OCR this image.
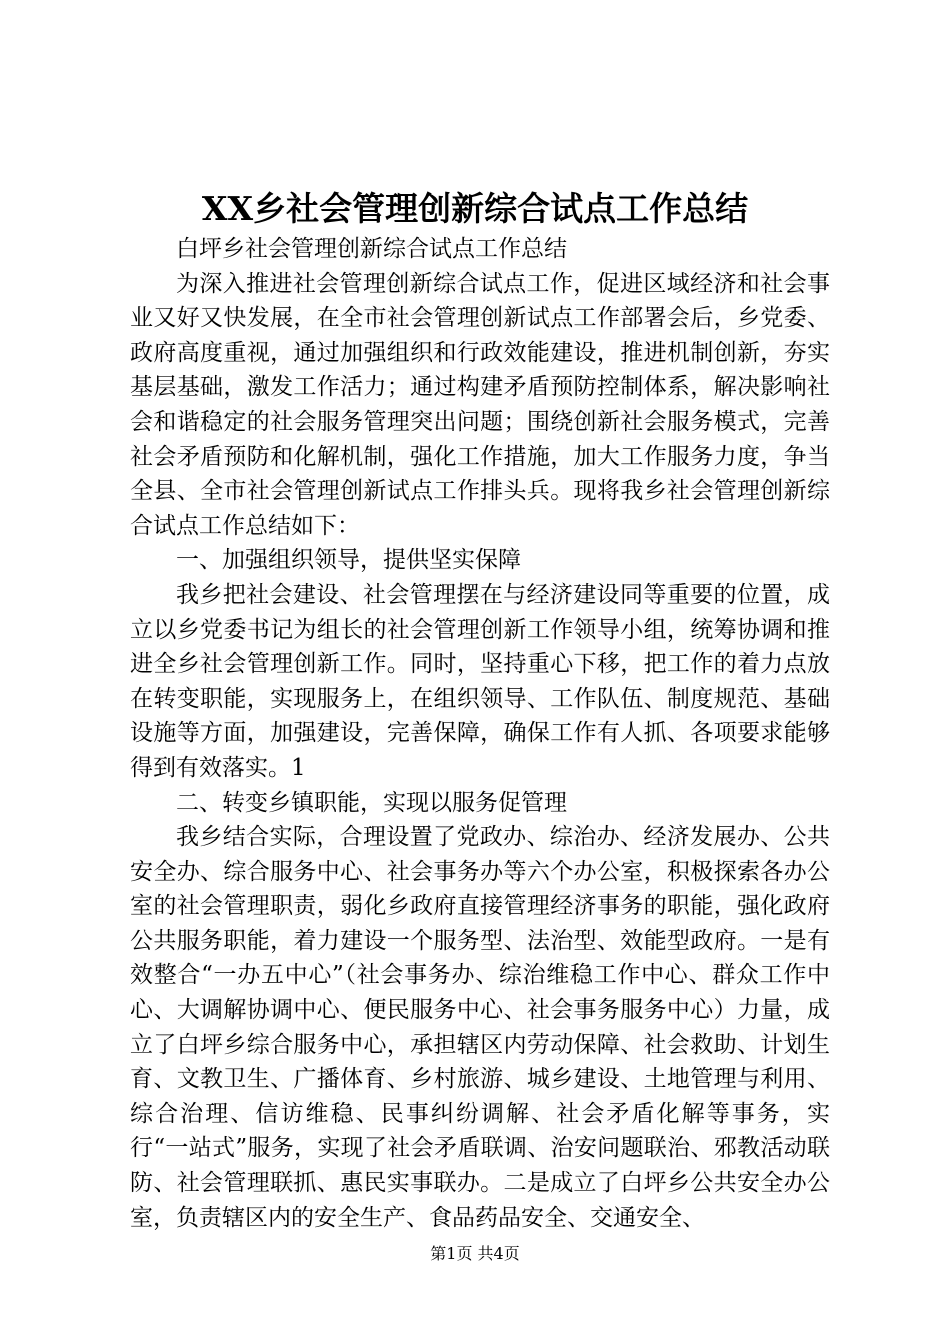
XX乡社会管理创新综合试点工作总结

白坪乡社会管理创新综合试点工作总结

为深入推进社会管理创新综合试点工作，促进区域经济和社会事业又好又快发展，在全市社会管理创新试点工作部署会后，乡党委、政府高度重视，通过加强组织和行政效能建设，推进机制创新，夯实基层基础，激发工作活力；通过构建矛盾预防控制体系，解决影响社会和谐稳定的社会服务管理突出问题；围绕创新社会服务模式，完善社会矛盾预防和化解机制，强化工作措施，加大工作服务力度，争当全县、全市社会管理创新试点工作排头兵。现将我乡社会管理创新综合试点工作总结如下：

一、加强组织领导，提供坚实保障

我乡把社会建设、社会管理摆在与经济建设同等重要的位置，成立以乡党委书记为组长的社会管理创新工作领导小组，统筹协调和推进全乡社会管理创新工作。同时，坚持重心下移，把工作的着力点放在转变职能，实现服务上，在组织领导、工作队伍、制度规范、基础设施等方面，加强建设，完善保障，确保工作有人抓、各项要求能够得到有效落实。1

二、转变乡镇职能，实现以服务促管理

我乡结合实际，合理设置了党政办、综治办、经济发展办、公共安全办、综合服务中心、社会事务办等六个办公室，积极探索各办公室的社会管理职责，弱化乡政府直接管理经济事务的职能，强化政府公共服务职能，着力建设一个服务型、法治型、效能型政府。一是有效整合“一办五中心”（社会事务办、综治维稳工作中心、群众工作中心、大调解协调中心、便民服务中心、社会事务服务中心）力量，成立了白坪乡综合服务中心，承担辖区内劳动保障、社会救助、计划生育、文教卫生、广播体育、乡村旅游、城乡建设、土地管理与利用、综合治理、信访维稳、民事纠纷调解、社会矛盾化解等事务，实行“一站式”服务，实现了社会矛盾联调、治安问题联治、邪教活动联防、社会管理联抓、惠民实事联办。二是成立了白坪乡公共安全办公室，负责辖区内的安全生产、食品药品安全、交通安全、

第1页 共4页
